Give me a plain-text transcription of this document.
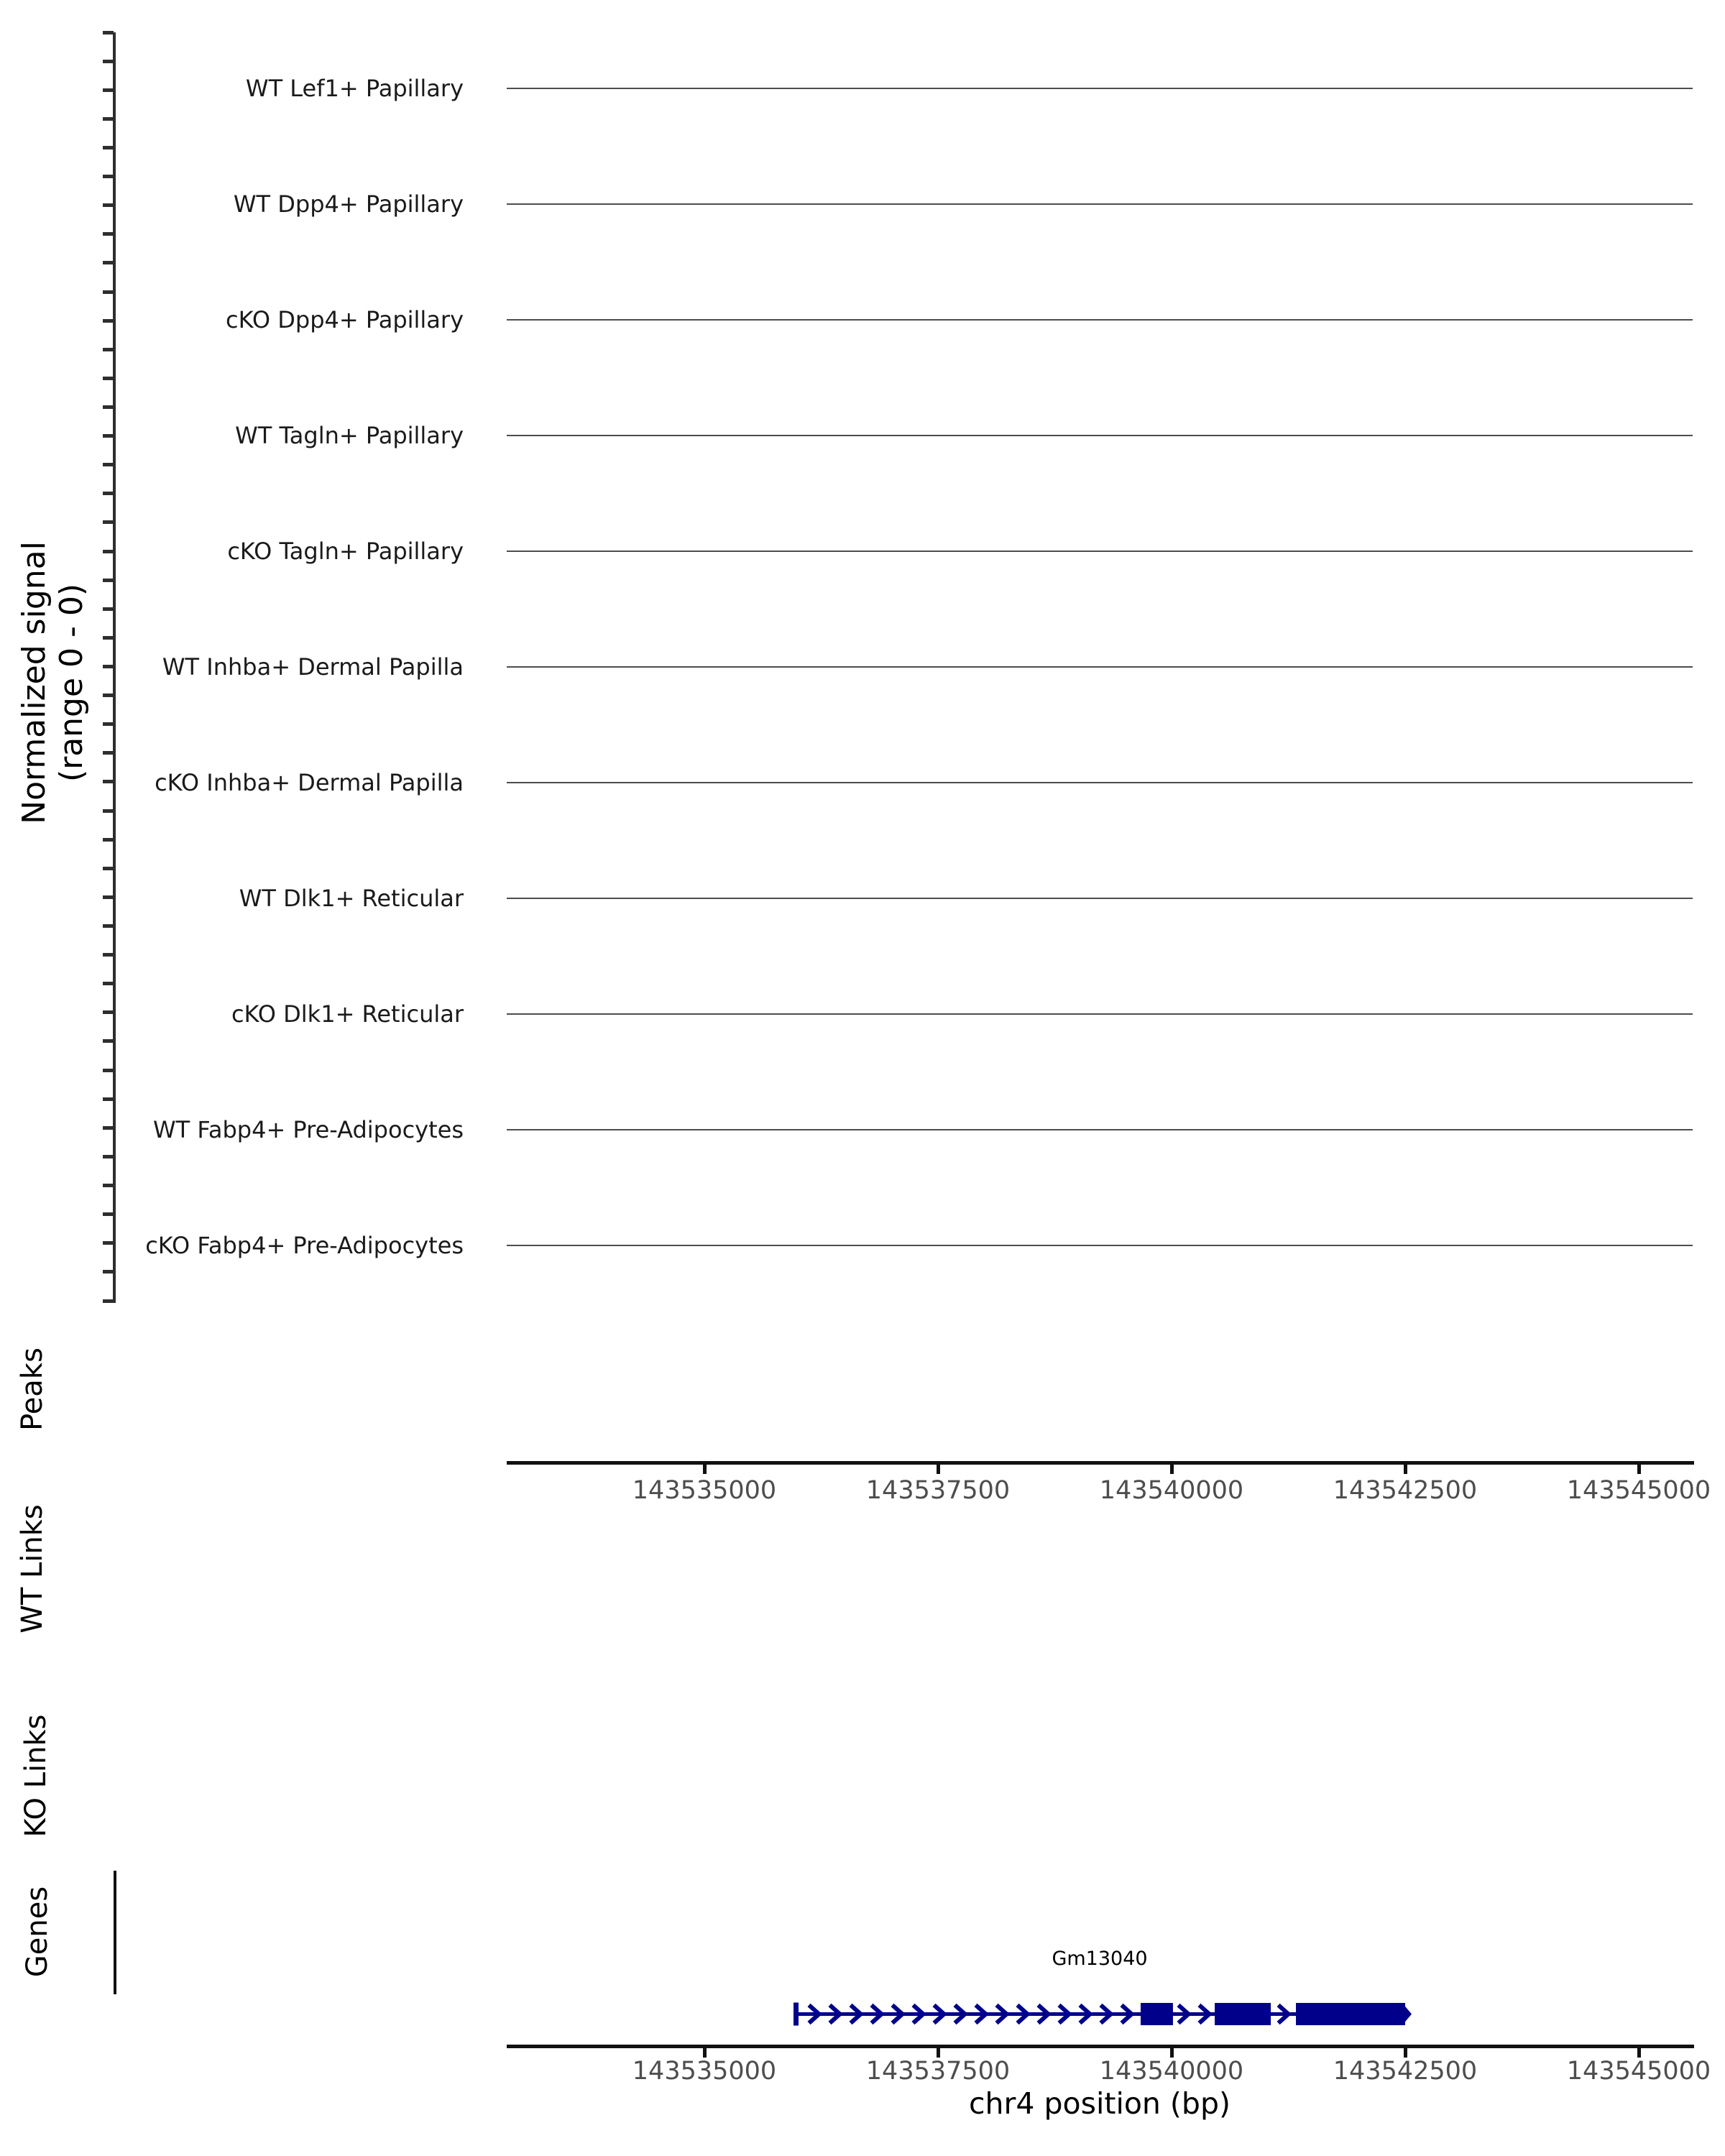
Normalized signal (range 0 - 0)
Peaks
WT Links
KO Links
Genes	Gm13040
chr4 position (bp)
WT Lef1+ Papillary
WT Dpp4+ Papillary
cKO Dpp4+ Papillary
WT Tagln+ Papillary
cKO Tagln+ Papillary
WT Inhba+ Dermal Papilla
cKO Inhba+ Dermal Papilla
WT Dlk1+ Reticular
cKO Dlk1+ Reticular
WT Fabp4+ Pre-Adipocytes
cKO Fabp4+ Pre-Adipocytes
143535000	143537500	143540000	143542500	143545000
143535000	143537500	143540000	143542500	143545000
